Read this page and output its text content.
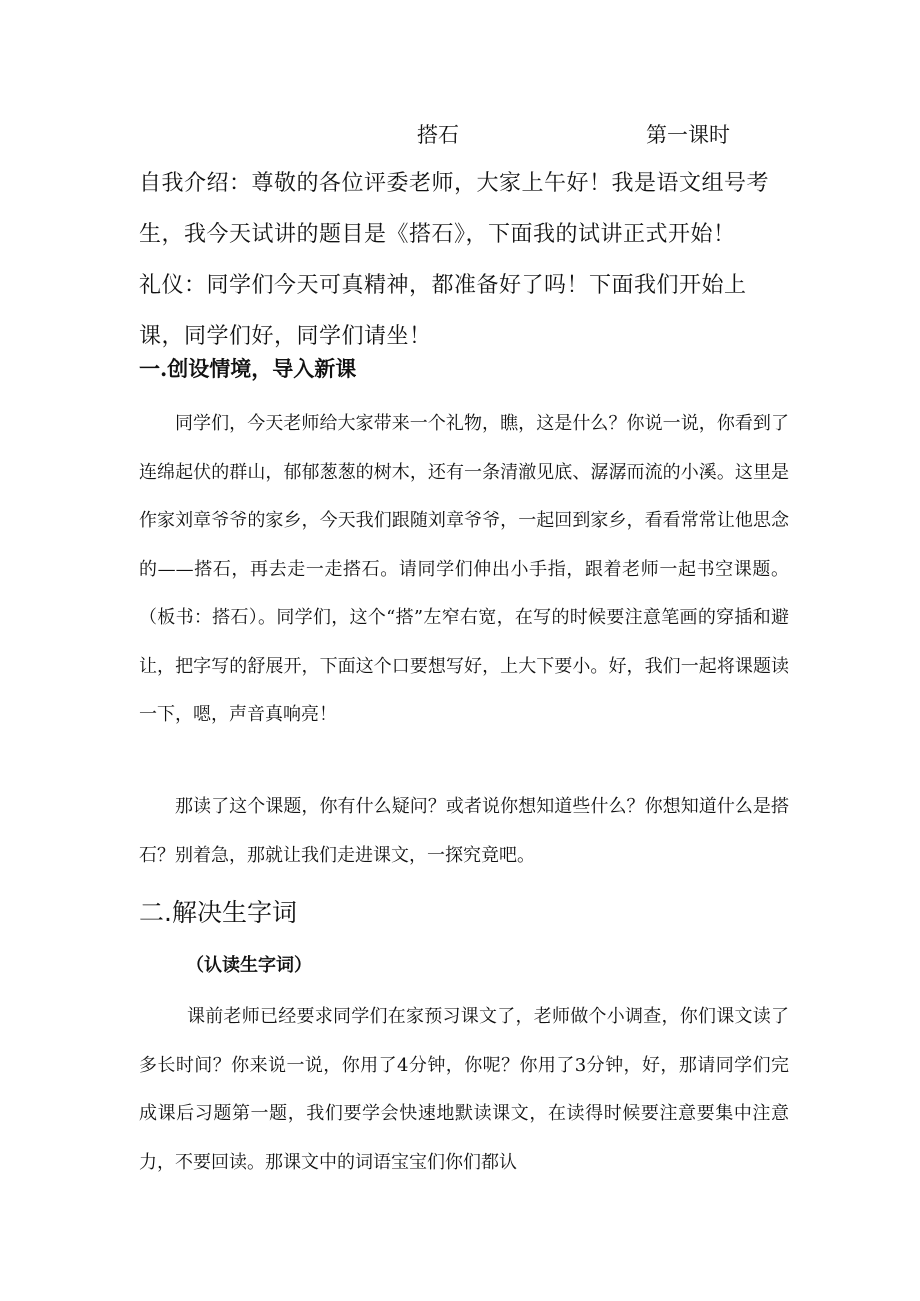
搭石	第一课时

自我介绍：尊敬的各位评委老师，大家上午好！我是语文组号考生，我今天试讲的题目是《搭石》，下面我的试讲正式开始！

礼仪：同学们今天可真精神，都准备好了吗！下面我们开始上课，同学们好，同学们请坐！

一.创设情境，导入新课

同学们，今天老师给大家带来一个礼物，瞧，这是什么？你说一说，你看到了连绵起伏的群山，郁郁葱葱的树木，还有一条清澈见底、潺潺而流的小溪。这里是作家刘章爷爷的家乡，今天我们跟随刘章爷爷，一起回到家乡，看看常常让他思念的——搭石，再去走一走搭石。请同学们伸出小手指，跟着老师一起书空课题。（板书：搭石）。同学们，这个“搭”左窄右宽，在写的时候要注意笔画的穿插和避让，把字写的舒展开，下面这个口要想写好，上大下要小。好，我们一起将课题读一下，嗯，声音真响亮！

那读了这个课题，你有什么疑问？或者说你想知道些什么？你想知道什么是搭石？别着急，那就让我们走进课文，一探究竟吧。

二.解决生字词

（认读生字词）

课前老师已经要求同学们在家预习课文了，老师做个小调查，你们课文读了多长时间？你来说一说，你用了4分钟，你呢？你用了3分钟，好，那请同学们完成课后习题第一题，我们要学会快速地默读课文，在读得时候要注意要集中注意力，不要回读。那课文中的词语宝宝们你们都认
